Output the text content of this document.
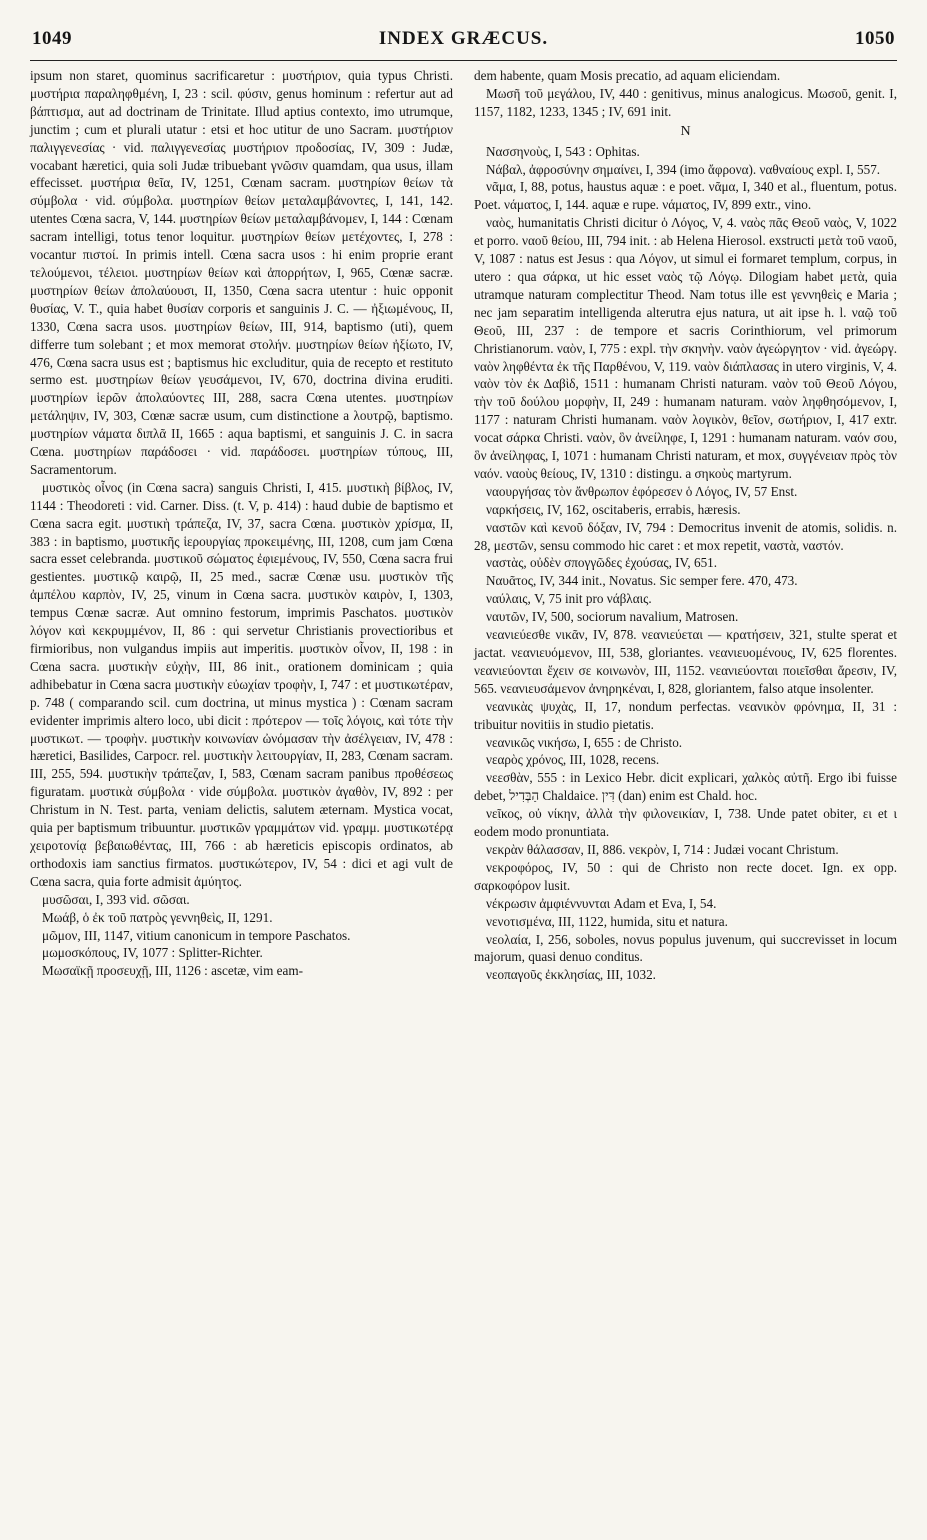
1049	INDEX GRÆCUS.	1050

ipsum non staret, quominus sacrificaretur : μυστήριον, quia typus Christi. μυστήρια παραληφθμένη, I, 23 : scil. φύσιν, genus hominum : refertur aut ad βάπτισμα, aut ad doctrinam de Trinitate. Illud aptius contexto, imo utrumque, junctim ; cum et plurali utatur : etsi et hoc utitur de uno Sacram. μυστήριον παλιγγενεσίας · vid. παλιγγενεσίας μυστήριον προδοσίας, IV, 309 : Judæ, vocabant hæretici, quia soli Judæ tribuebant γνῶσιν quamdam, qua usus, illam effecisset. μυστήρια θεῖα, IV, 1251, Cœnam sacram. μυστηρίων θείων τὰ σύμβολα · vid. σύμβολα. μυστηρίων θείων μεταλαμβάνοντες, I, 141, 142. utentes Cœna sacra, V, 144. μυστηρίων θείων μεταλαμβάνομεν, I, 144 : Cœnam sacram intelligi, totus tenor loquitur. μυστηρίων θείων μετέχοντες, I, 278 : vocantur πιστοί. In primis intell. Cœna sacra usos : hi enim proprie erant τελούμενοι, τέλειοι. μυστηρίων θείων καὶ ἀπορρήτων, I, 965, Cœnæ sacræ. μυστηρίων θείων ἀπολαύουσι, II, 1350, Cœna sacra utentur : huic opponit θυσίας, V. T., quia habet θυσίαν corporis et sanguinis J. C. — ἠξιωμένους, II, 1330, Cœna sacra usos. μυστηρίων θείων, III, 914, baptismo (uti), quem differre tum solebant ; et mox memorat στολήν. μυστηρίων θείων ἠξίωτο, IV, 476, Cœna sacra usus est ; baptismus hic excluditur, quia de recepto et restituto sermo est. μυστηρίων θείων γευσάμενοι, IV, 670, doctrina divina eruditi. μυστηρίων ἱερῶν ἀπολαύοντες III, 288, sacra Cœna utentes. μυστηρίων μετάληψιν, IV, 303, Cœnæ sacræ usum, cum distinctione a λουτρῷ, baptismo. μυστηρίων νάματα διπλᾶ II, 1665 : aqua baptismi, et sanguinis J. C. in sacra Cœna. μυστηρίων παράδοσει · vid. παράδοσει. μυστηρίων τύπους, III, Sacramentorum.

μυστικὸς οἶνος (in Cœna sacra) sanguis Christi, I, 415. μυστικὴ βίβλος, IV, 1144 : Theodoreti : vid. Carner. Diss. (t. V, p. 414) : haud dubie de baptismo et Cœna sacra egit. μυστικὴ τράπεζα, IV, 37, sacra Cœna. μυστικὸν χρίσμα, II, 383 : in baptismo, μυστικῆς ἱερουργίας προκειμένης, III, 1208, cum jam Cœna sacra esset celebranda. μυστικοῦ σώματος ἐφιεμένους, IV, 550, Cœna sacra frui gestientes. μυστικῷ καιρῷ, II, 25 med., sacræ Cœnæ usu. μυστικὸν τῆς ἀμπέλου καρπὸν, IV, 25, vinum in Cœna sacra. μυστικὸν καιρὸν, I, 1303, tempus Cœnæ sacræ. Aut omnino festorum, imprimis Paschatos. μυστικὸν λόγον καὶ κεκρυμμένον, II, 86 : qui servetur Christianis provectioribus et firmioribus, non vulgandus impiis aut imperitis. μυστικὸν οἶνον, II, 198 : in Cœna sacra. μυστικὴν εὐχὴν, III, 86 init., orationem dominicam ; quia adhibebatur in Cœna sacra μυστικὴν εὐωχίαν τροφὴν, I, 747 : et μυστικωτέραν, p. 748 ( comparando scil. cum doctrina, ut minus mystica ) : Cœnam sacram evidenter imprimis altero loco, ubi dicit : πρότερον — τοῖς λόγοις, καὶ τότε τὴν μυστικωτ. — τροφὴν. μυστικὴν κοινωνίαν ὠνόμασαν τὴν ἀσέλγειαν, IV, 478 : hæretici, Basilides, Carpocr. rel. μυστικὴν λειτουργίαν, II, 283, Cœnam sacram. III, 255, 594. μυστικὴν τράπεζαν, I, 583, Cœnam sacram panibus προθέσεως figuratam. μυστικὰ σύμβολα · vide σύμβολα. μυστικὸν ἀγαθὸν, IV, 892 : per Christum in N. Test. parta, veniam delictis, salutem æternam. Mystica vocat, quia per baptismum tribuuntur. μυστικῶν γραμμάτων vid. γραμμ. μυστικωτέρᾳ χειροτονίᾳ βεβαιωθέντας, III, 766 : ab hæreticis episcopis ordinatos, ab orthodoxis iam sanctius firmatos. μυστικώτερον, IV, 54 : dici et agi vult de Cœna sacra, quia forte admisit ἀμύητος.

μυσῶσαι, I, 393 vid. σῶσαι.

Μωάβ, ὁ ἐκ τοῦ πατρὸς γεννηθεὶς, II, 1291.

μῶμον, III, 1147, vitium canonicum in tempore Paschatos.

μωμοσκόπους, IV, 1077 : Splitter-Richter.

Μωσαϊκῇ προσευχῇ, III, 1126 : ascetæ, vim eam-

dem habente, quam Mosis precatio, ad aquam eliciendam.

Μωσῆ τοῦ μεγάλου, IV, 440 : genitivus, minus analogicus. Μωσοῦ, genit. I, 1157, 1182, 1233, 1345 ; IV, 691 init.

N

Νασσηνοὺς, I, 543 : Ophitas.

Νάβαλ, ἀφροσύνην σημαίνει, I, 394 (imo ἄφρονα). ναθναίους expl. I, 557.

νᾶμα, I, 88, potus, haustus aquæ : e poet. νᾶμα, I, 340 et al., fluentum, potus. Poet. νάματος, I, 144. aquæ e rupe. νάματος, IV, 899 extr., vino.

ναὸς, humanitatis Christi dicitur ὁ Λόγος, V, 4. ναὸς πᾶς Θεοῦ ναὸς, V, 1022 et porro. ναοῦ θείου, III, 794 init. : ab Helena Hierosol. exstructi μετὰ τοῦ ναοῦ, V, 1087 : natus est Jesus : qua Λόγον, ut simul ei formaret templum, corpus, in utero : qua σάρκα, ut hic esset ναὸς τῷ Λόγῳ. Dilogiam habet μετὰ, quia utramque naturam complectitur Theod. Nam totus ille est γεννηθεὶς e Maria ; nec jam separatim intelligenda alterutra ejus natura, ut ait ipse h. l. ναῷ τοῦ Θεοῦ, III, 237 : de tempore et sacris Corinthiorum, vel primorum Christianorum. ναὸν, I, 775 : expl. τὴν σκηνὴν. ναὸν ἀγεώργητον · vid. ἀγεώργ. ναὸν ληφθέντα ἐκ τῆς Παρθένου, V, 119. ναὸν διάπλασας in utero virginis, V, 4. ναὸν τὸν ἐκ Δαβὶδ, 1511 : humanam Christi naturam. ναὸν τοῦ Θεοῦ Λόγου, τὴν τοῦ δούλου μορφὴν, II, 249 : humanam naturam. ναὸν ληφθησόμενον, I, 1177 : naturam Christi humanam. ναὸν λογικὸν, θεῖον, σωτήριον, I, 417 extr. vocat σάρκα Christi. ναὸν, ὃν ἀνείληφε, I, 1291 : humanam naturam. ναόν σου, ὃν ἀνείληφας, I, 1071 : humanam Christi naturam, et mox, συγγένειαν πρὸς τὸν ναόν. ναοὺς θείους, IV, 1310 : distingu. a σηκοὺς martyrum.

ναουργήσας τὸν ἄνθρωπον ἐφόρεσεν ὁ Λόγος, IV, 57 Enst.

ναρκήσεις, IV, 162, oscitaberis, errabis, hæresis.

ναστῶν καὶ κενοῦ δόξαν, IV, 794 : Democritus invenit de atomis, solidis. n. 28, μεστῶν, sensu commodo hic caret : et mox repetit, ναστὰ, ναστόν.

ναστὰς, οὐδὲν σπογγῶδες ἐχούσας, IV, 651.

Ναυᾶτος, IV, 344 init., Novatus. Sic semper fere. 470, 473.

ναύλαις, V, 75 init pro νάβλαις.

ναυτῶν, IV, 500, sociorum navalium, Matrosen.

νεανιεύεσθε νικᾶν, IV, 878. νεανιεύεται — κρατήσειν, 321, stulte sperat et jactat. νεανιευόμενον, III, 538, gloriantes. νεανιευομένους, IV, 625 florentes. νεανιεύονται ἔχειν σε κοινωνὸν, III, 1152. νεανιεύονται ποιεῖσθαι ἄρεσιν, IV, 565. νεανιευσάμενον ἀνηρηκέναι, I, 828, gloriantem, falso atque insolenter.

νεανικὰς ψυχὰς, II, 17, nondum perfectas. νεανικὸν φρόνημα, II, 31 : tribuitur novitiis in studio pietatis.

νεανικῶς νικήσω, I, 655 : de Christo.

νεαρὸς χρόνος, III, 1028, recens.

νεεσθὰν, 555 : in Lexico Hebr. dicit explicari, χαλκὸς αὐτῆ. Ergo ibi fuisse debet, הַבְּדִיל Chaldaice. דִּין (dan) enim est Chald. hoc.

νεῖκος, οὐ νίκην, ἀλλὰ τὴν φιλονεικίαν, I, 738. Unde patet obiter, ει et ι eodem modo pronuntiata.

νεκρὰν θάλασσαν, II, 886. νεκρὸν, I, 714 : Judæi vocant Christum.

νεκροφόρος, IV, 50 : qui de Christo non recte docet. Ign. ex opp. σαρκοφόρον lusit.

νέκρωσιν ἀμφιέννυνται Adam et Eva, I, 54.

νενοτισμένα, III, 1122, humida, situ et natura.

νεολαία, I, 256, soboles, novus populus juvenum, qui succrevisset in locum majorum, quasi denuo conditus.

νεοπαγοῦς ἐκκλησίας, III, 1032.
